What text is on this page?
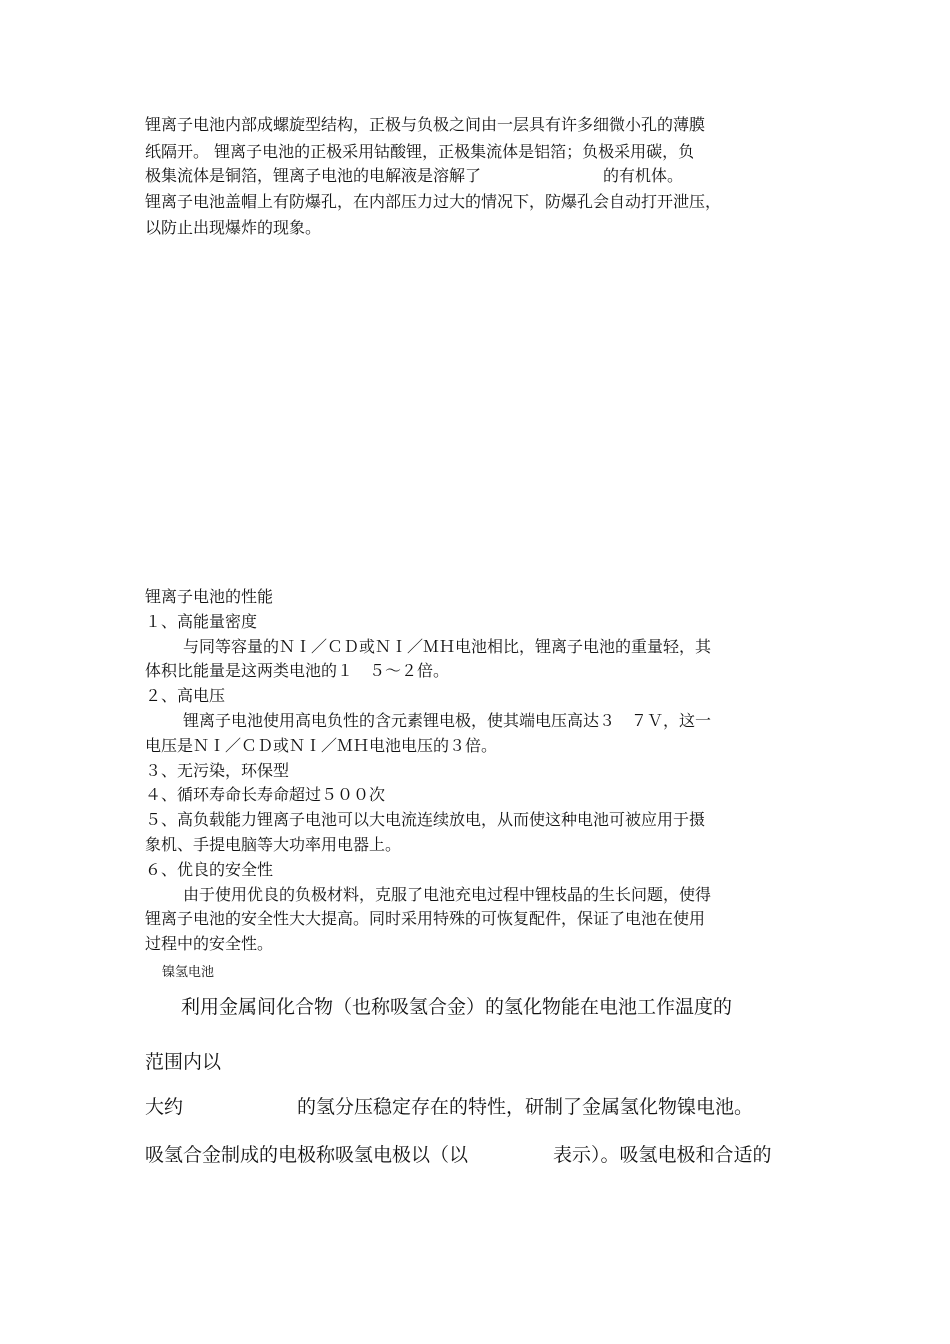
锂离子电池内部成螺旋型结构，正极与负极之间由一层具有许多细微小孔的薄膜
纸隔开。 锂离子电池的正极采用钴酸锂，正极集流体是铝箔；负极采用碳，负
极集流体是铜箔，锂离子电池的电解液是溶解了	的有机体。
锂离子电池盖帽上有防爆孔，在内部压力过大的情况下，防爆孔会自动打开泄压，
以防止出现爆炸的现象。
锂离子电池的性能
１、高能量密度
与同等容量的ＮＩ／ＣＤ或ＮＩ／ＭＨ电池相比，锂离子电池的重量轻，其
体积比能量是这两类电池的１　５～２倍。
２、高电压
锂离子电池使用高电负性的含元素锂电极，使其端电压高达３　７Ｖ，这一
电压是ＮＩ／ＣＤ或ＮＩ／ＭＨ电池电压的３倍。
３、无污染，环保型
４、循环寿命长寿命超过５００次
５、高负载能力锂离子电池可以大电流连续放电，从而使这种电池可被应用于摄
象机、手提电脑等大功率用电器上。
６、优良的安全性
由于使用优良的负极材料，克服了电池充电过程中锂枝晶的生长问题，使得
锂离子电池的安全性大大提高。同时采用特殊的可恢复配件，保证了电池在使用
过程中的安全性。
镍氢电池
利用金属间化合物（也称吸氢合金）的氢化物能在电池工作温度的
范围内以
大约	的氢分压稳定存在的特性，研制了金属氢化物镍电池。
吸氢合金制成的电极称吸氢电极以（以	表示）。吸氢电极和合适的
